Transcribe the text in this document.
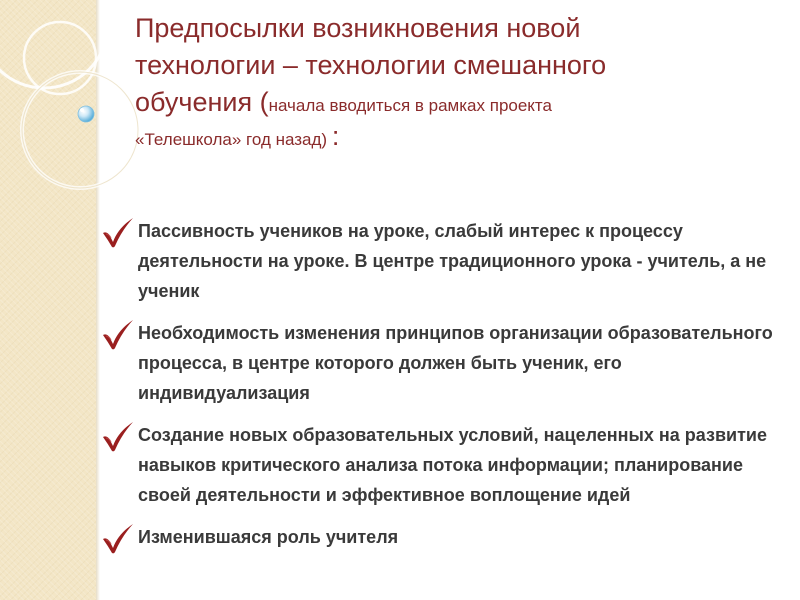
Предпосылки возникновения новой технологии – технологии смешанного обучения (начала вводиться в рамках проекта
«Телешкола» год назад) :
Пассивность учеников на уроке, слабый интерес к процессу деятельности на уроке. В центре традиционного урока - учитель, а не ученик
Необходимость изменения принципов организации образовательного процесса, в центре которого должен быть ученик, его индивидуализация
Создание новых образовательных условий, нацеленных на развитие навыков критического анализа потока информации; планирование своей деятельности и эффективное воплощение идей
Изменившаяся роль учителя
